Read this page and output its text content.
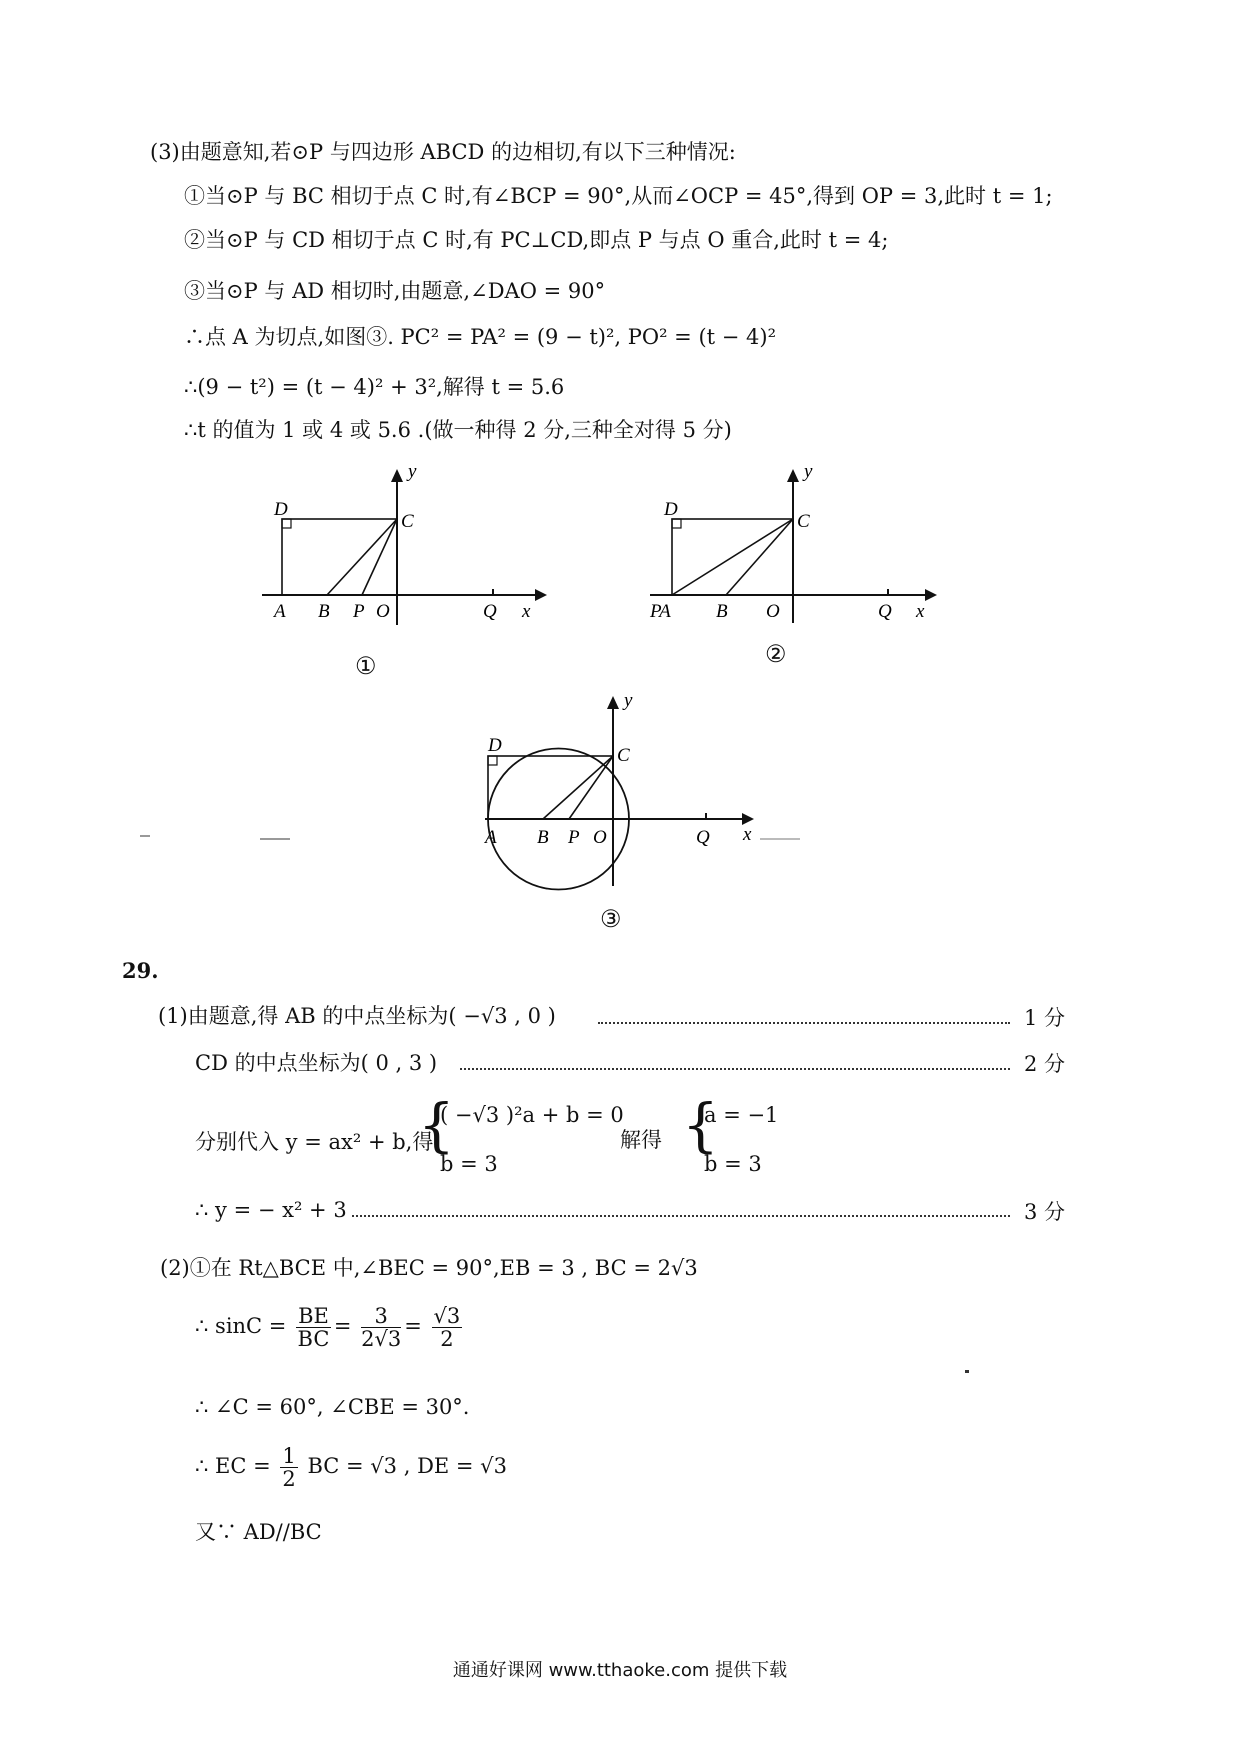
(3)由题意知,若⊙P 与四边形 ABCD 的边相切,有以下三种情况:
①当⊙P 与 BC 相切于点 C 时,有∠BCP = 90°,从而∠OCP = 45°,得到 OP = 3,此时 t = 1;
②当⊙P 与 CD 相切于点 C 时,有 PC⊥CD,即点 P 与点 O 重合,此时 t = 4;
③当⊙P 与 AD 相切时,由题意,∠DAO = 90°
∴点 A 为切点,如图③. PC² = PA² = (9 − t)², PO² = (t − 4)²
∴(9 − t²) = (t − 4)² + 3²,解得 t = 5.6
∴t 的值为 1 或 4 或 5.6 .(做一种得 2 分,三种全对得 5 分)
D
C
A B P O	Q x
y
①
D
C
PA B O	Q x
y
②
D	C
A B P O	Q x
y
③
29.
(1)由题意,得 AB 的中点坐标为( −√3 , 0 )	1 分
CD 的中点坐标为( 0 , 3 )	2 分
分别代入 y = ax² + b,得
{
( −√3 )²a + b = 0
b = 3
解得 {
a = −1
b = 3
∴ y = − x² + 3	3 分
(2)①在 Rt△BCE 中,∠BEC = 90°,EB = 3 , BC = 2√3
∴ $\sin C = \frac{BE}{BC} = \frac{3}{2√3} = \frac{√3}{2}$
∴ ∠C = 60°, ∠CBE = 30°.
∴ EC = $\frac{1}{2}$ BC = √3 , DE = √3
又∵ AD//BC
通通好课网 www.tthaoke.com 提供下载
